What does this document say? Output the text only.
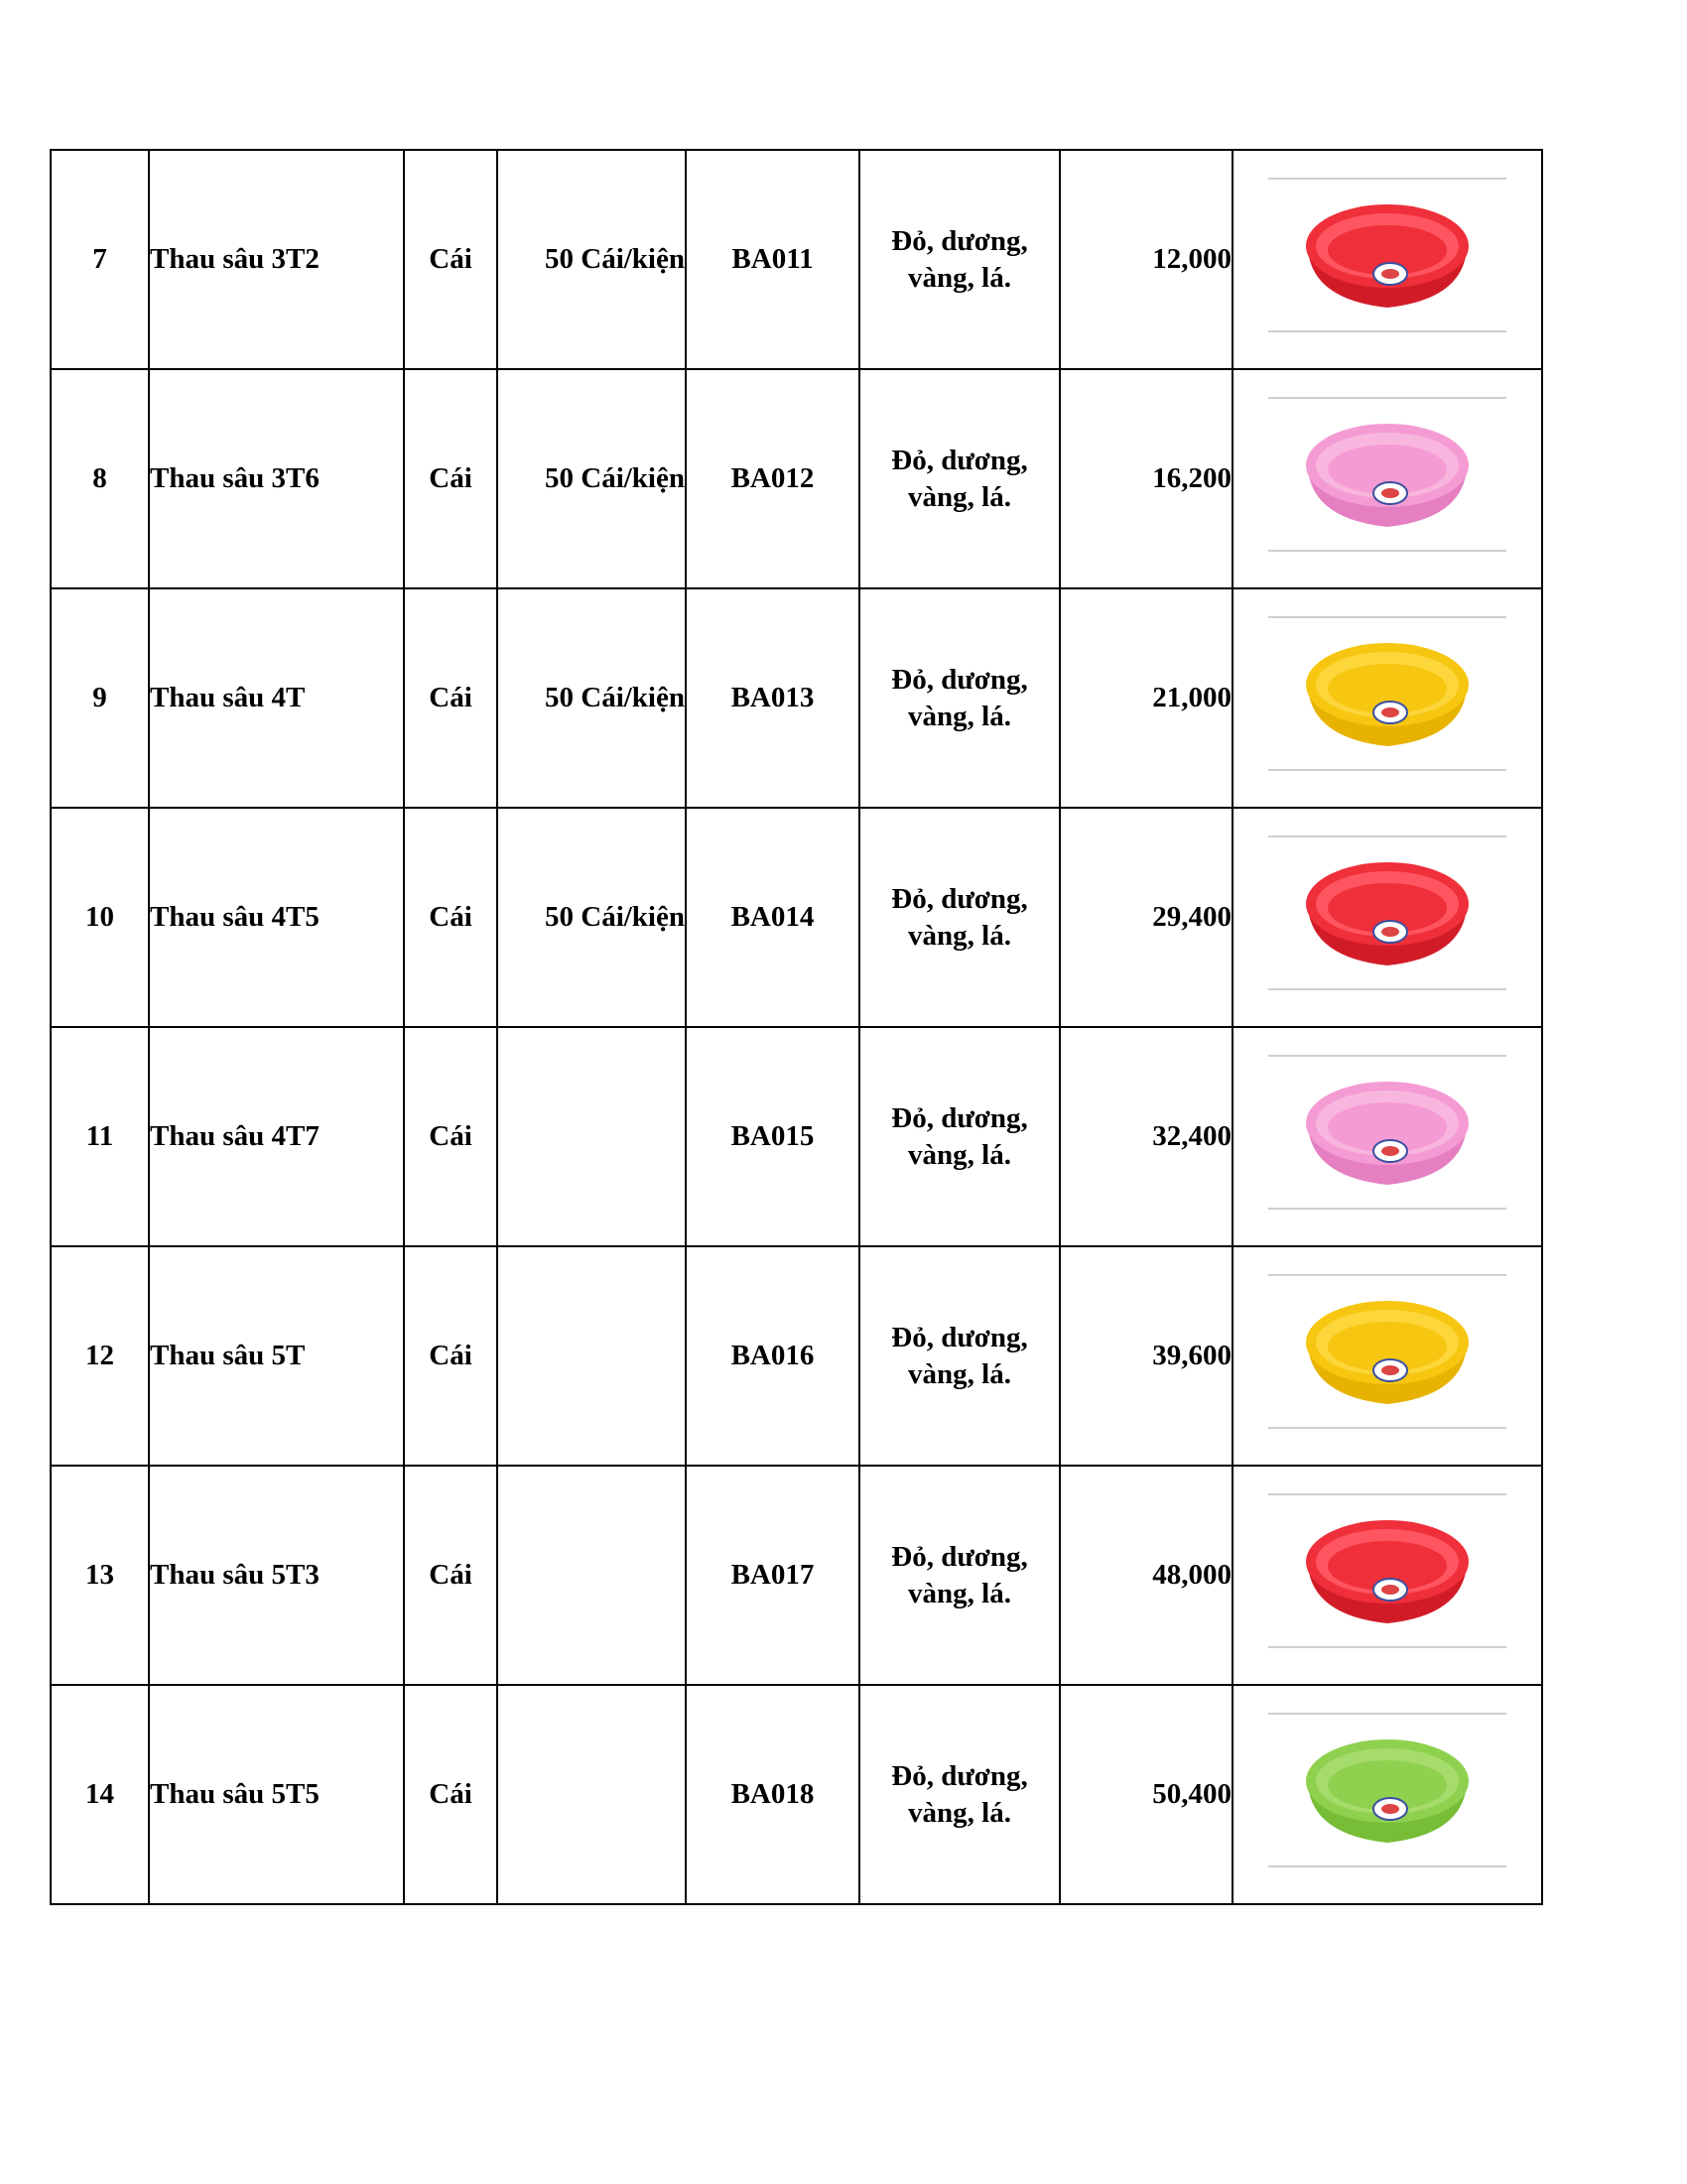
7	Thau sâu 3T2	Cái	50 Cái/kiện	BA011	Đỏ, dương,
vàng, lá.	12,000	

8	Thau sâu 3T6	Cái	50 Cái/kiện	BA012	Đỏ, dương,
vàng, lá.	16,200	

9	Thau sâu 4T	Cái	50 Cái/kiện	BA013	Đỏ, dương,
vàng, lá.	21,000	

10	Thau sâu 4T5	Cái	50 Cái/kiện	BA014	Đỏ, dương,
vàng, lá.	29,400	

11	Thau sâu 4T7	Cái		BA015	Đỏ, dương,
vàng, lá.	32,400	

12	Thau sâu 5T	Cái		BA016	Đỏ, dương,
vàng, lá.	39,600	

13	Thau sâu 5T3	Cái		BA017	Đỏ, dương,
vàng, lá.	48,000	

14	Thau sâu 5T5	Cái		BA018	Đỏ, dương,
vàng, lá.	50,400	
